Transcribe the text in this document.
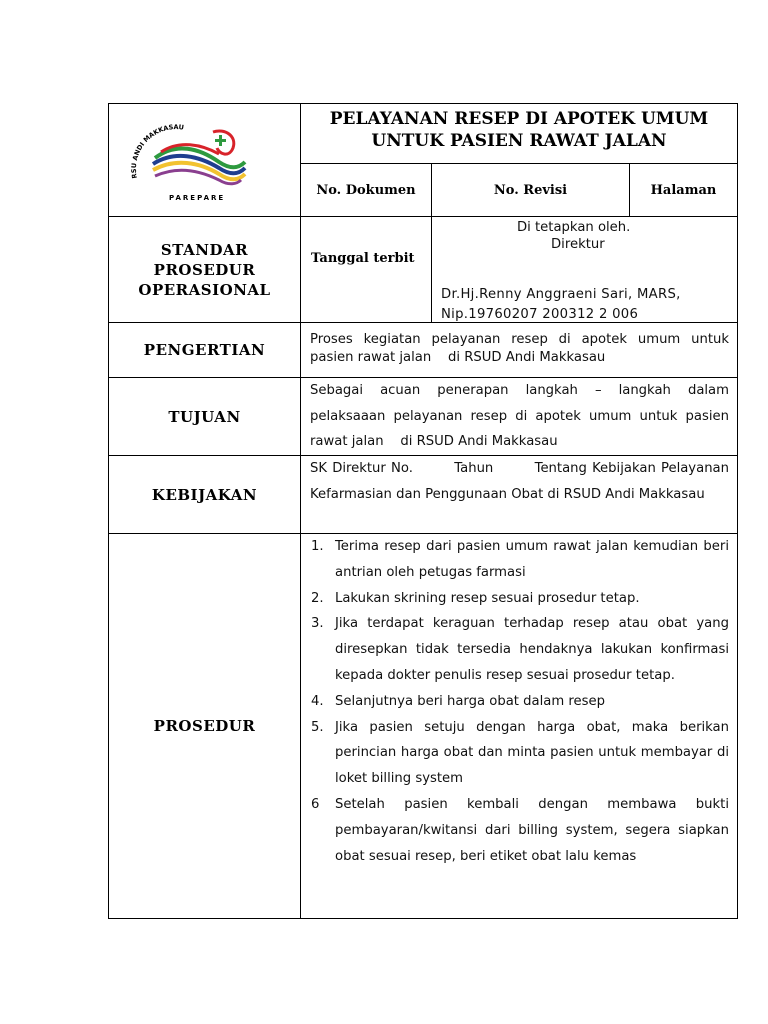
RSU ANDI MAKKASAU
PAREPARE
PELAYANAN RESEP DI APOTEK UMUM
UNTUK PASIEN RAWAT JALAN
No. Dokumen	No. Revisi	Halaman
STANDAR
PROSEDUR
OPERASIONAL
Tanggal terbit
Di tetapkan oleh.
Direktur
Dr.Hj.Renny Anggraeni Sari, MARS,
Nip.19760207 200312 2 006
PENGERTIAN
Proses kegiatan pelayanan resep di apotek umum untuk pasien rawat jalan    di RSUD Andi Makkasau
TUJUAN
Sebagai acuan penerapan langkah – langkah dalam pelaksaaan pelayanan resep di apotek umum untuk pasien rawat jalan    di RSUD Andi Makkasau
KEBIJAKAN
SK Direktur No.        Tahun        Tentang Kebijakan Pelayanan Kefarmasian dan Penggunaan Obat di RSUD Andi Makkasau
PROSEDUR
1. Terima resep dari pasien umum rawat jalan kemudian beri antrian oleh petugas farmasi
2. Lakukan skrining resep sesuai prosedur tetap.
3. Jika terdapat keraguan terhadap resep atau obat yang diresepkan tidak tersedia hendaknya lakukan konfirmasi kepada dokter penulis resep sesuai prosedur tetap.
4. Selanjutnya beri harga obat dalam resep
5. Jika pasien setuju dengan harga obat, maka berikan perincian harga obat dan minta pasien untuk membayar di loket billing system
6 Setelah pasien kembali dengan membawa bukti pembayaran/kwitansi dari billing system, segera siapkan obat sesuai resep, beri etiket obat lalu kemas
